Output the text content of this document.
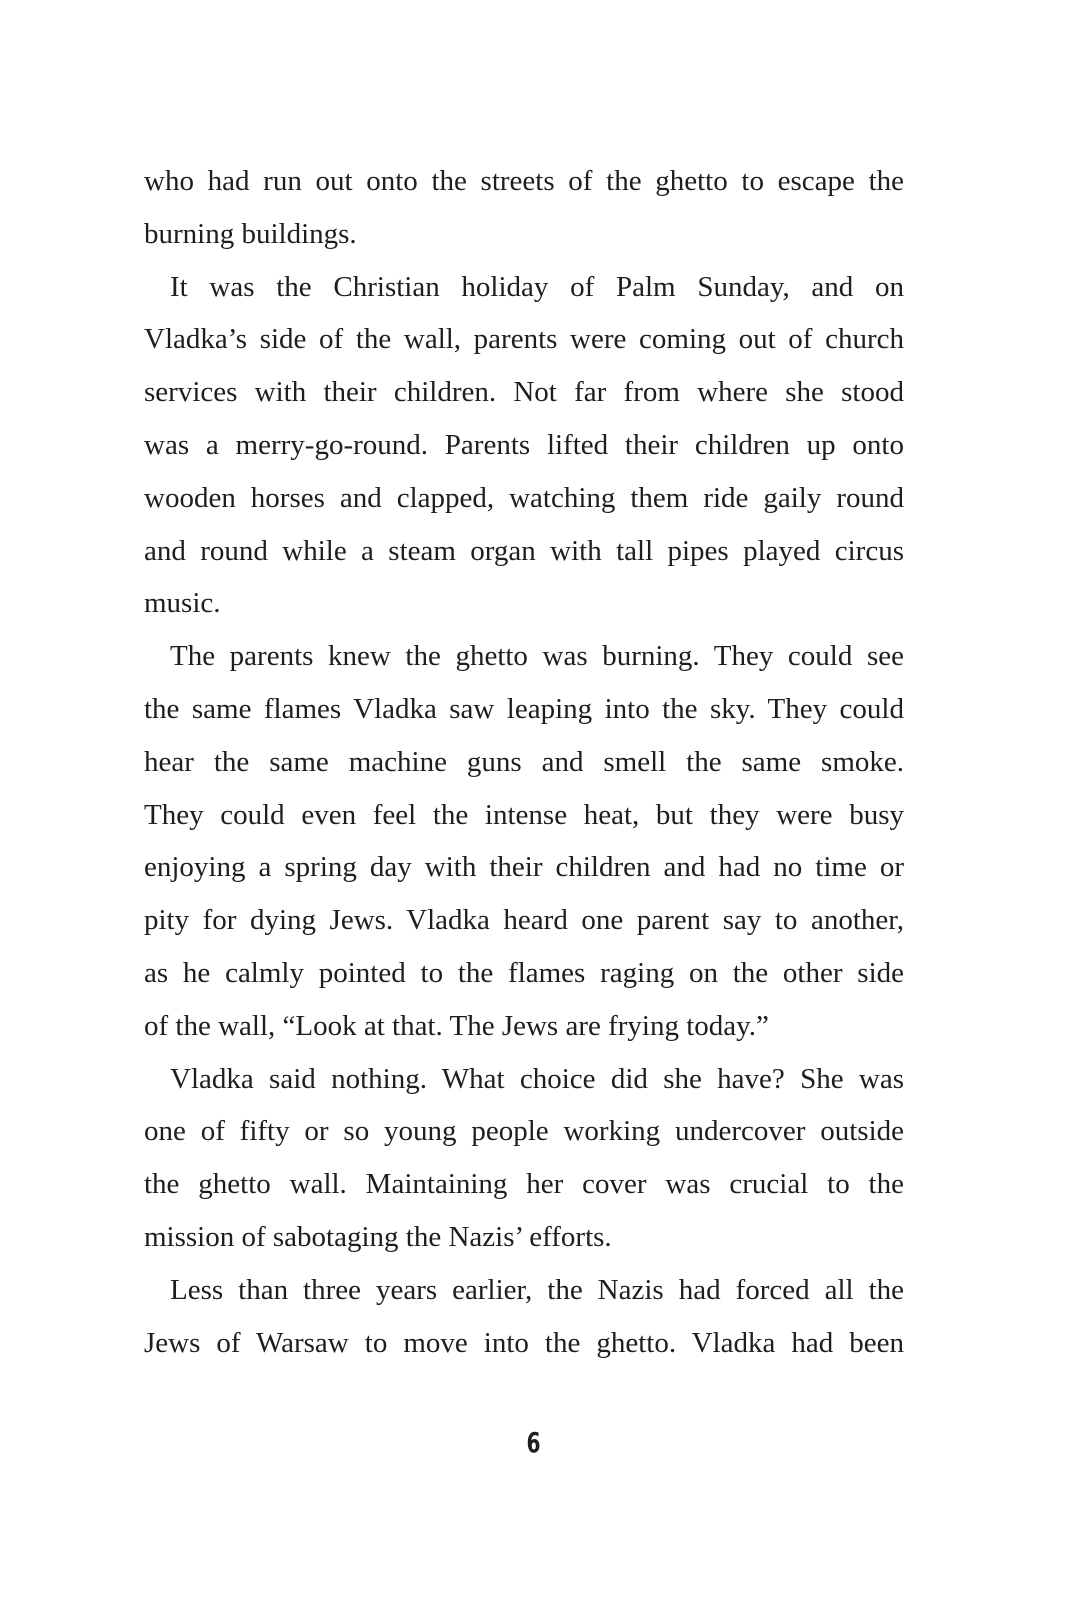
who had run out onto the streets of the ghetto to escape the
burning buildings.
It was the Christian holiday of Palm Sunday, and on
Vladka’s side of the wall, parents were coming out of church
services with their children. Not far from where she stood
was a merry-go-round. Parents lifted their children up onto
wooden horses and clapped, watching them ride gaily round
and round while a steam organ with tall pipes played circus
music.
The parents knew the ghetto was burning. They could see
the same flames Vladka saw leaping into the sky. They could
hear the same machine guns and smell the same smoke.
They could even feel the intense heat, but they were busy
enjoying a spring day with their children and had no time or
pity for dying Jews. Vladka heard one parent say to another,
as he calmly pointed to the flames raging on the other side
of the wall, “Look at that. The Jews are frying today.”
Vladka said nothing. What choice did she have? She was
one of fifty or so young people working undercover outside
the ghetto wall. Maintaining her cover was crucial to the
mission of sabotaging the Nazis’ efforts.
Less than three years earlier, the Nazis had forced all the
Jews of Warsaw to move into the ghetto. Vladka had been
6
